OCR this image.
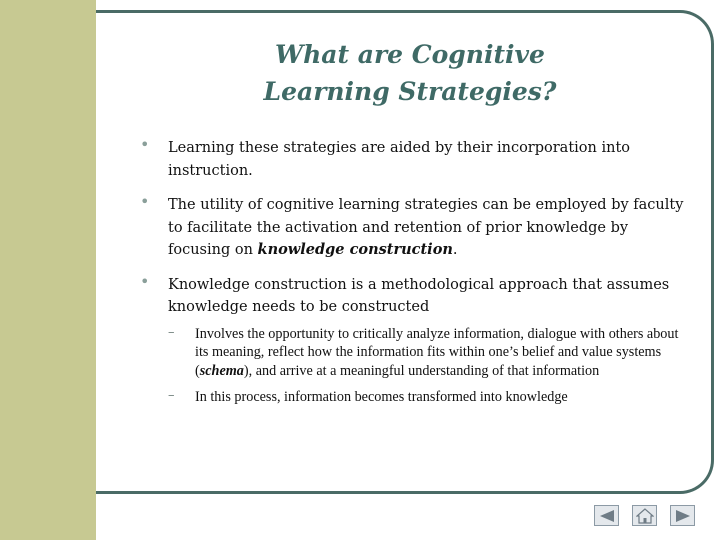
What are Cognitive
Learning Strategies?
• Learning these strategies are aided by their incorporation into instruction.
• The utility of cognitive learning strategies can be employed by faculty to facilitate the activation and retention of prior knowledge by focusing on knowledge construction.
• Knowledge construction is a methodological approach that assumes knowledge needs to be constructed
– Involves the opportunity to critically analyze information, dialogue with others about its meaning, reflect how the information fits within one’s belief and value systems (schema), and arrive at a meaningful understanding of that information
– In this process, information becomes transformed into knowledge
